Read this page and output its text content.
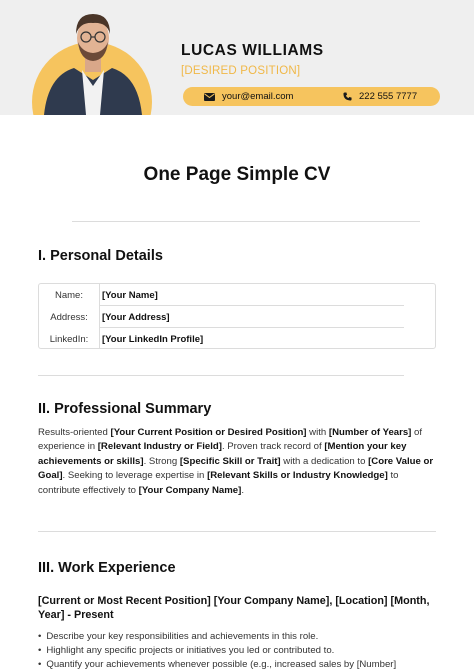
LUCAS WILLIAMS
[DESIRED POSITION]
your@email.com	222 555 7777
One Page Simple CV
I. Personal Details
Name:	[Your Name]
Address:	[Your Address]
LinkedIn:	[Your LinkedIn Profile]
II. Professional Summary

Results-oriented [Your Current Position or Desired Position] with [Number of Years] of experience in [Relevant Industry or Field]. Proven track record of [Mention your key achievements or skills]. Strong [Specific Skill or Trait] with a dedication to [Core Value or Goal]. Seeking to leverage expertise in [Relevant Skills or Industry Knowledge] to contribute effectively to [Your Company Name].

III. Work Experience
[Current or Most Recent Position] [Your Company Name], [Location] [Month, Year] - Present
• Describe your key responsibilities and achievements in this role.
• Highlight any specific projects or initiatives you led or contributed to.
• Quantify your achievements whenever possible (e.g., increased sales by [Number]
